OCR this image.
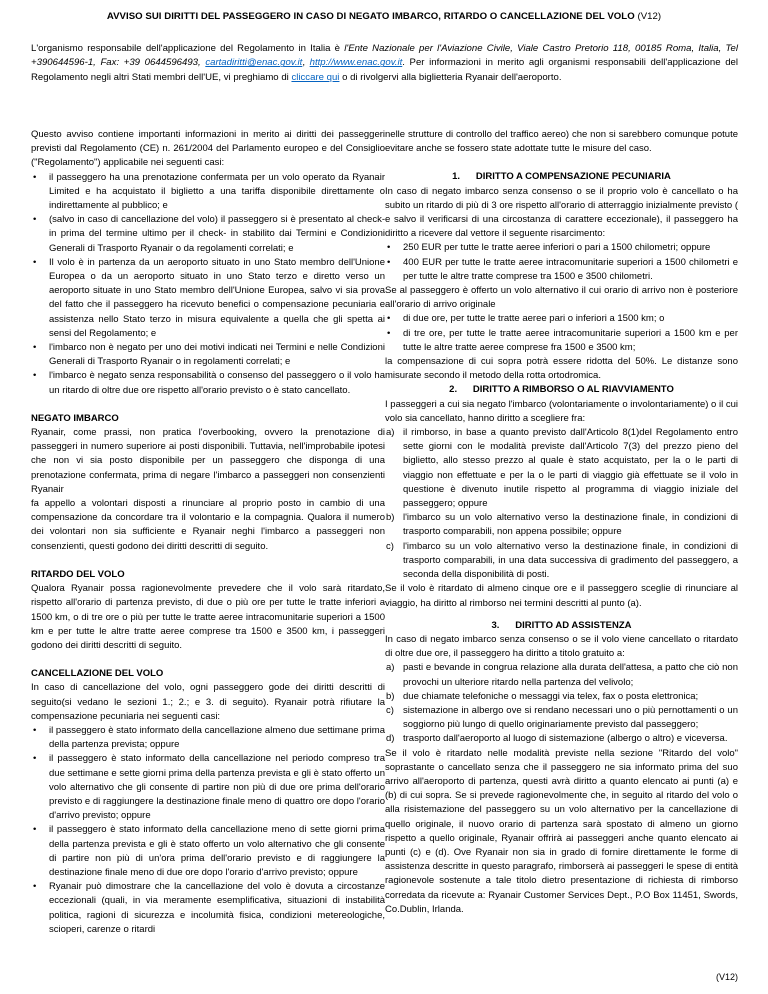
AVVISO SUI DIRITTI DEL PASSEGGERO IN CASO DI NEGATO IMBARCO, RITARDO O CANCELLAZIONE DEL VOLO (V12)
L'organismo responsabile dell'applicazione del Regolamento in Italia è l'Ente Nazionale per l'Aviazione Civile, Viale Castro Pretorio 118, 00185 Roma, Italia, Tel +390644596-1, Fax: +39 0644596493, cartadiritti@enac.gov.it, http://www.enac.gov.it. Per informazioni in merito agli organismi responsabili dell'applicazione del Regolamento negli altri Stati membri dell'UE, vi preghiamo di cliccare qui o di rivolgervi alla biglietteria Ryanair dell'aeroporto.

Questo avviso contiene importanti informazioni in merito ai diritti dei passeggeri previsti dal Regolamento (CE) n. 261/2004 del Parlamento europeo e del Consiglio ("Regolamento") applicabile nei seguenti casi:

• il passeggero ha una prenotazione confermata per un volo operato da Ryanair Limited e ha acquistato il biglietto a una tariffa disponibile direttamente o indirettamente al pubblico; e

• (salvo in caso di cancellazione del volo) il passeggero si è presentato al check-in prima del termine ultimo per il check- in stabilito dai Termini e Condizioni Generali di Trasporto Ryanair o da regolamenti correlati; e

• Il volo è in partenza da un aeroporto situato in uno Stato membro dell'Unione Europea o da un aeroporto situato in uno Stato terzo e diretto verso un aeroporto situate in uno Stato membro dell'Unione Europea, salvo vi sia prova del fatto che il passeggero ha ricevuto benefici o compensazione pecuniaria e assistenza nello Stato terzo in misura equivalente a quella che gli spetta ai sensi del Regolamento; e

• l'imbarco non è negato per uno dei motivi indicati nei Termini e nelle Condizioni Generali di Trasporto Ryanair o in regolamenti correlati; e

• l'imbarco è negato senza responsabilità o consenso del passeggero o il volo ha un ritardo di oltre due ore rispetto all'orario previsto o è stato cancellato.

NEGATO IMBARCO

Ryanair, come prassi, non pratica l'overbooking, ovvero la prenotazione di passeggeri in numero superiore ai posti disponibili. Tuttavia, nell'improbabile ipotesi che non vi sia posto disponibile per un passeggero che disponga di una prenotazione confermata, prima di negare l'imbarco a passeggeri non consenzienti Ryanair

fa appello a volontari disposti a rinunciare al proprio posto in cambio di una compensazione da concordare tra il volontario e la compagnia. Qualora il numero dei volontari non sia sufficiente e Ryanair neghi l'imbarco a passeggeri non consenzienti, questi godono dei diritti descritti di seguito.

RITARDO DEL VOLO

Qualora Ryanair possa ragionevolmente prevedere che il volo sarà ritardato, rispetto all'orario di partenza previsto, di due o più ore per tutte le tratte inferiori a 1500 km, o di tre ore o più per tutte le tratte aeree intracomunitarie superiori a 1500 km e per tutte le altre tratte aeree comprese tra 1500 e 3500 km, i passeggeri godono dei diritti descritti di seguito.

CANCELLAZIONE DEL VOLO

In caso di cancellazione del volo, ogni passeggero gode dei diritti descritti di seguito(si vedano le sezioni 1.; 2.; e 3. di seguito). Ryanair potrà rifiutare la compensazione pecuniaria nei seguenti casi:

• il passeggero è stato informato della cancellazione almeno due settimane prima della partenza prevista; oppure

• il passeggero è stato informato della cancellazione nel periodo compreso tra due settimane e sette giorni prima della partenza prevista e gli è stato offerto un volo alternativo che gli consente di partire non più di due ore prima dell'orario previsto e di raggiungere la destinazione finale meno di quattro ore dopo l'orario d'arrivo previsto; oppure

• il passeggero è stato informato della cancellazione meno di sette giorni prima della partenza prevista e gli è stato offerto un volo alternativo che gli consente di partire non più di un'ora prima dell'orario previsto e di raggiungere la destinazione finale meno di due ore dopo l'orario d'arrivo previsto; oppure

• Ryanair può dimostrare che la cancellazione del volo è dovuta a circostanze eccezionali (quali, in via meramente esemplificativa, situazioni di instabilità politica, ragioni di sicurezza e incolumità fisica, condizioni metereologiche, scioperi, carenze o ritardi

nelle strutture di controllo del traffico aereo) che non si sarebbero comunque potute evitare anche se fossero state adottate tutte le misure del caso.

1.      DIRITTO A COMPENSAZIONE PECUNIARIA

In caso di negato imbarco senza consenso o se il proprio volo è cancellato o ha subito un ritardo di più di 3 ore rispetto all'orario di atterraggio inizialmente previsto ( e salvo il verificarsi di una circostanza di carattere eccezionale), il passeggero ha diritto a ricevere dal vettore il seguente risarcimento:

• 250 EUR per tutte le tratte aeree inferiori o pari a 1500 chilometri; oppure

• 400 EUR per tutte le tratte aeree intracomunitarie superiori a 1500 chilometri e per tutte le altre tratte comprese tra 1500 e 3500 chilometri.

Se al passeggero è offerto un volo alternativo il cui orario di arrivo non è posteriore all'orario di arrivo originale

• di due ore, per tutte le tratte aeree pari o inferiori a 1500 km; o

• di tre ore, per tutte le tratte aeree intracomunitarie superiori a 1500 km e per tutte le altre tratte aeree comprese fra 1500 e 3500 km;

la compensazione di cui sopra potrà essere ridotta del 50%. Le distanze sono misurate secondo il metodo della rotta ortodromica.

2.      DIRITTO A RIMBORSO O AL RIAVVIAMENTO

I passeggeri a cui sia negato l'imbarco (volontariamente o involontariamente) o il cui volo sia cancellato, hanno diritto a scegliere fra:

a) il rimborso, in base a quanto previsto dall'Articolo 8(1)del Regolamento entro sette giorni con le modalità previste dall'Articolo 7(3) del prezzo pieno del biglietto, allo stesso prezzo al quale è stato acquistato, per la o le parti di viaggio non effettuate e per la o le parti di viaggio già effettuate se il volo in questione è divenuto inutile rispetto al programma di viaggio iniziale del passeggero; oppure

b) l'imbarco su un volo alternativo verso la destinazione finale, in condizioni di trasporto comparabili, non appena possibile; oppure

c) l'imbarco su un volo alternativo verso la destinazione finale, in condizioni di trasporto comparabili, in una data successiva di gradimento del passeggero, a seconda della disponibilità di posti.

Se il volo è ritardato di almeno cinque ore e il passeggero sceglie di rinunciare al viaggio, ha diritto al rimborso nei termini descritti al punto (a).

3.      DIRITTO AD ASSISTENZA

In caso di negato imbarco senza consenso o se il volo viene cancellato o ritardato di oltre due ore, il passeggero ha diritto a titolo gratuito a:

a) pasti e bevande in congrua relazione alla durata dell'attesa, a patto che ciò non provochi un ulteriore ritardo nella partenza del velivolo;

b) due chiamate telefoniche o messaggi via telex, fax o posta elettronica;

c) sistemazione in albergo ove si rendano necessari uno o più pernottamenti o un soggiorno più lungo di quello originariamente previsto dal passeggero;

d) trasporto dall'aeroporto al luogo di sistemazione (albergo o altro) e viceversa.

Se il volo è ritardato nelle modalità previste nella sezione "Ritardo del volo" soprastante o cancellato senza che il passeggero ne sia informato prima del suo arrivo all'aeroporto di partenza, questi avrà diritto a quanto elencato ai punti (a) e (b) di cui sopra. Se si prevede ragionevolmente che, in seguito al ritardo del volo o alla risistemazione del passeggero su un volo alternativo per la cancellazione di quello originale, il nuovo orario di partenza sarà spostato di almeno un giorno rispetto a quello originale, Ryanair offrirà ai passeggeri anche quanto elencato ai punti (c) e (d). Ove Ryanair non sia in grado di fornire direttamente le forme di assistenza descritte in questo paragrafo, rimborserà ai passeggeri le spese di entità ragionevole sostenute a tale titolo dietro presentazione di richiesta di rimborso corredata da ricevute a: Ryanair Customer Services Dept., P.O Box 11451, Swords, Co.Dublin, Irlanda.

(V12)
